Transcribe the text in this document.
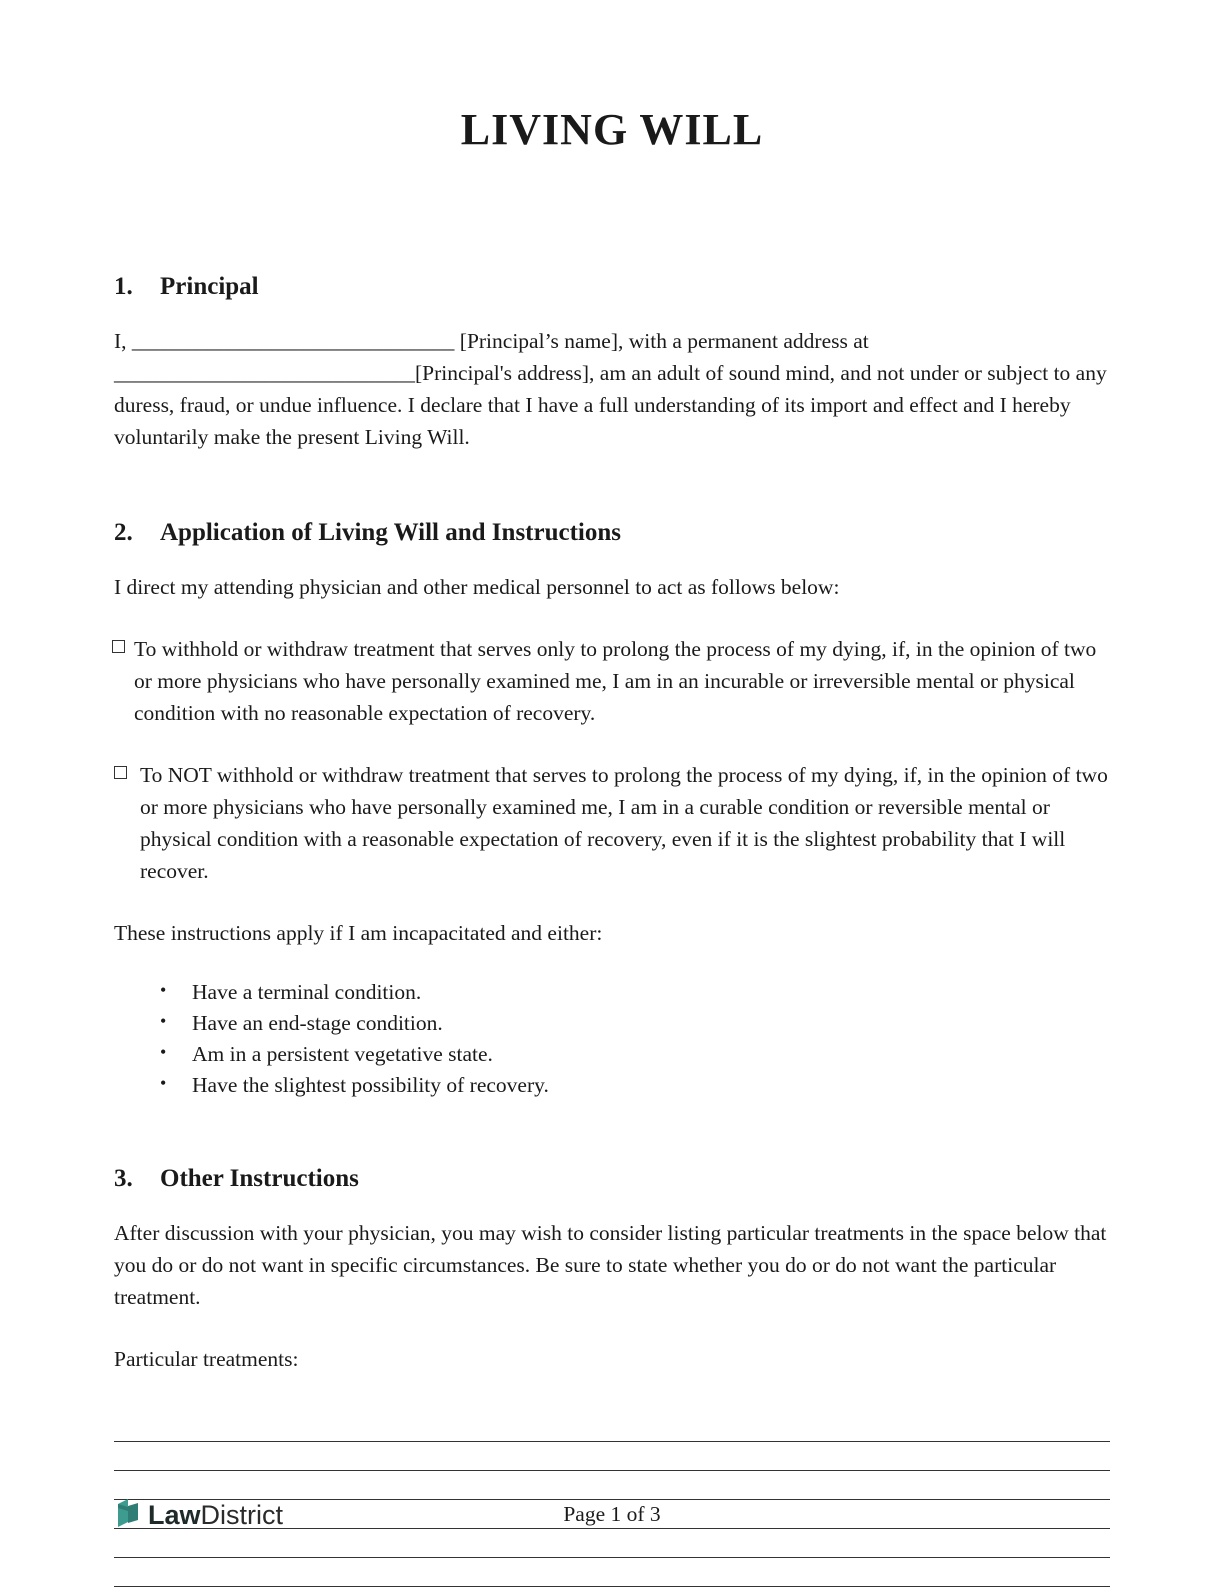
LIVING WILL
1.	Principal

I, ______________________________ [Principal’s name], with a permanent address at ____________________________[Principal's address], am an adult of sound mind, and not under or subject to any duress, fraud, or undue influence. I declare that I have a full understanding of its import and effect and I hereby voluntarily make the present Living Will.

2.	Application of Living Will and Instructions

I direct my attending physician and other medical personnel to act as follows below:

To withhold or withdraw treatment that serves only to prolong the process of my dying, if, in the opinion of two or more physicians who have personally examined me, I am in an incurable or irreversible mental or physical condition with no reasonable expectation of recovery.
To NOT withhold or withdraw treatment that serves to prolong the process of my dying, if, in the opinion of two or more physicians who have personally examined me, I am in a curable condition or reversible mental or physical condition with a reasonable expectation of recovery, even if it is the slightest probability that I will recover.

These instructions apply if I am incapacitated and either:

• Have a terminal condition.
• Have an end-stage condition.
• Am in a persistent vegetative state.
• Have the slightest possibility of recovery.
3.	Other Instructions

After discussion with your physician, you may wish to consider listing particular treatments in the space below that you do or do not want in specific circumstances. Be sure to state whether you do or do not want the particular treatment.

Particular treatments:

LawDistrict	Page 1 of 3
